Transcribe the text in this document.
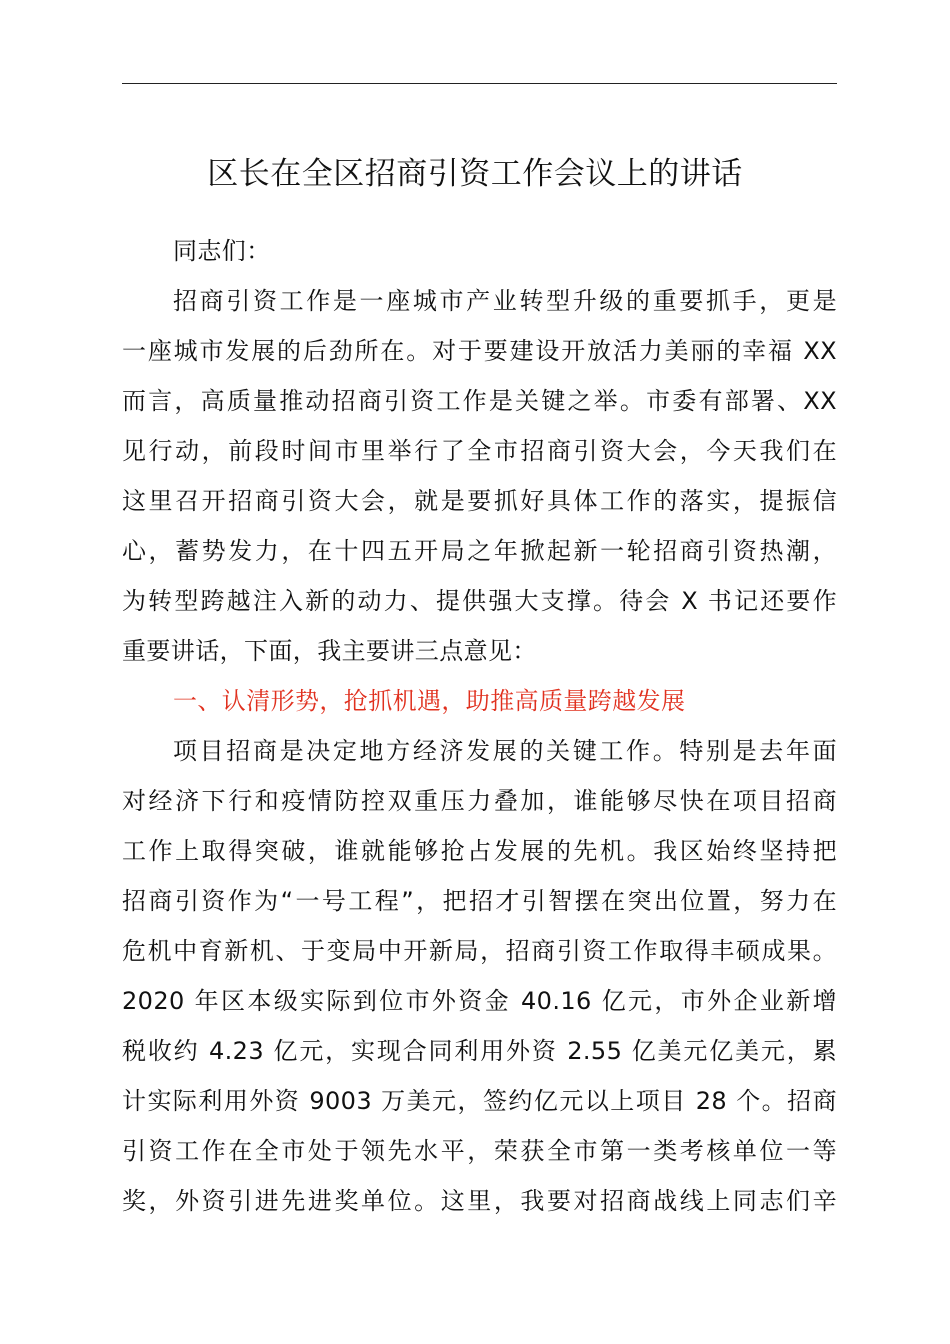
区长在全区招商引资工作会议上的讲话
同志们：
招商引资工作是一座城市产业转型升级的重要抓手，更是
一座城市发展的后劲所在。对于要建设开放活力美丽的幸福 XX
而言，高质量推动招商引资工作是关键之举。市委有部署、XX
见行动，前段时间市里举行了全市招商引资大会，今天我们在
这里召开招商引资大会，就是要抓好具体工作的落实，提振信
心，蓄势发力，在十四五开局之年掀起新一轮招商引资热潮，
为转型跨越注入新的动力、提供强大支撑。待会 X 书记还要作
重要讲话，下面，我主要讲三点意见：
一、认清形势，抢抓机遇，助推高质量跨越发展
项目招商是决定地方经济发展的关键工作。特别是去年面
对经济下行和疫情防控双重压力叠加，谁能够尽快在项目招商
工作上取得突破，谁就能够抢占发展的先机。我区始终坚持把
招商引资作为“一号工程”，把招才引智摆在突出位置，努力在
危机中育新机、于变局中开新局，招商引资工作取得丰硕成果。
2020 年区本级实际到位市外资金 40.16 亿元，市外企业新增
税收约 4.23 亿元，实现合同利用外资 2.55 亿美元亿美元，累
计实际利用外资 9003 万美元，签约亿元以上项目 28 个。招商
引资工作在全市处于领先水平，荣获全市第一类考核单位一等
奖，外资引进先进奖单位。这里，我要对招商战线上同志们辛
